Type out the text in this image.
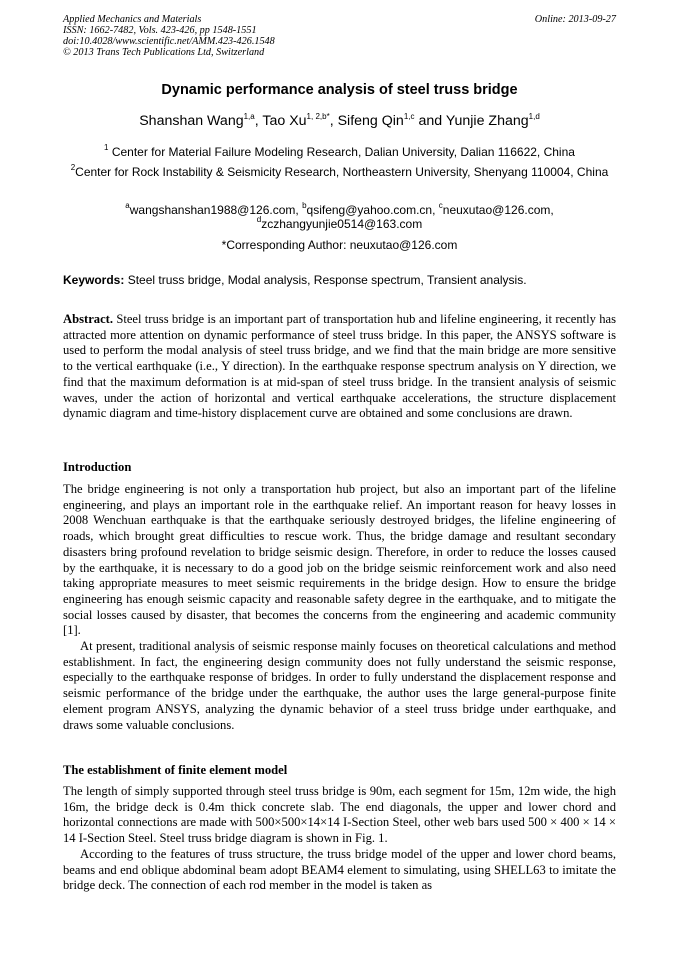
Applied Mechanics and Materials
ISSN: 1662-7482, Vols. 423-426, pp 1548-1551
doi:10.4028/www.scientific.net/AMM.423-426.1548
© 2013 Trans Tech Publications Ltd, Switzerland
Online: 2013-09-27
Dynamic performance analysis of steel truss bridge
Shanshan Wang$^{1,a}$, Tao $Xu^{1, 2,b*}$, Sifeng Qin$^{1,c}$ and Yunjie Zhang$^{1,d}$
$^1$ Center for Material Failure Modeling Research, Dalian University, Dalian 116622, China
$^2$Center for Rock Instability & Seismicity Research, Northeastern University, Shenyang 110004, China
$^a$wangshanshan1988@126.com, $^b$qsifeng@yahoo.com.cn, $^c$neuxutao@126.com,
$^d$zczhangyunjie0514@163.com
*Corresponding Author: neuxutao@126.com
Keywords: Steel truss bridge, Modal analysis, Response spectrum, Transient analysis.

Abstract. Steel truss bridge is an important part of transportation hub and lifeline engineering, it recently has attracted more attention on dynamic performance of steel truss bridge. In this paper, the ANSYS software is used to perform the modal analysis of steel truss bridge, and we find that the main bridge are more sensitive to the vertical earthquake (i.e., Y direction). In the earthquake response spectrum analysis on Y direction, we find that the maximum deformation is at mid-span of steel truss bridge. In the transient analysis of seismic waves, under the action of horizontal and vertical earthquake accelerations, the structure displacement dynamic diagram and time-history displacement curve are obtained and some conclusions are drawn.

Introduction

The bridge engineering is not only a transportation hub project, but also an important part of the lifeline engineering, and plays an important role in the earthquake relief. An important reason for heavy losses in 2008 Wenchuan earthquake is that the earthquake seriously destroyed bridges, the lifeline engineering of roads, which brought great difficulties to rescue work. Thus, the bridge damage and resultant secondary disasters bring profound revelation to bridge seismic design. Therefore, in order to reduce the losses caused by the earthquake, it is necessary to do a good job on the bridge seismic reinforcement work and also need taking appropriate measures to meet seismic requirements in the bridge design. How to ensure the bridge engineering has enough seismic capacity and reasonable safety degree in the earthquake, and to mitigate the social losses caused by disaster, that becomes the concerns from the engineering and academic community [1].

At present, traditional analysis of seismic response mainly focuses on theoretical calculations and method establishment. In fact, the engineering design community does not fully understand the seismic response, especially to the earthquake response of bridges. In order to fully understand the displacement response and seismic performance of the bridge under the earthquake, the author uses the large general-purpose finite element program ANSYS, analyzing the dynamic behavior of a steel truss bridge under earthquake, and draws some valuable conclusions.

The establishment of finite element model

The length of simply supported through steel truss bridge is 90m, each segment for 15m, 12m wide, the high 16m, the bridge deck is 0.4m thick concrete slab. The end diagonals, the upper and lower chord and horizontal connections are made with 500×500×14×14 I-Section Steel, other web bars used 500 × 400 × 14 × 14 I-Section Steel. Steel truss bridge diagram is shown in Fig. 1.

According to the features of truss structure, the truss bridge model of the upper and lower chord beams, beams and end oblique abdominal beam adopt BEAM4 element to simulating, using SHELL63 to imitate the bridge deck. The connection of each rod member in the model is taken as
